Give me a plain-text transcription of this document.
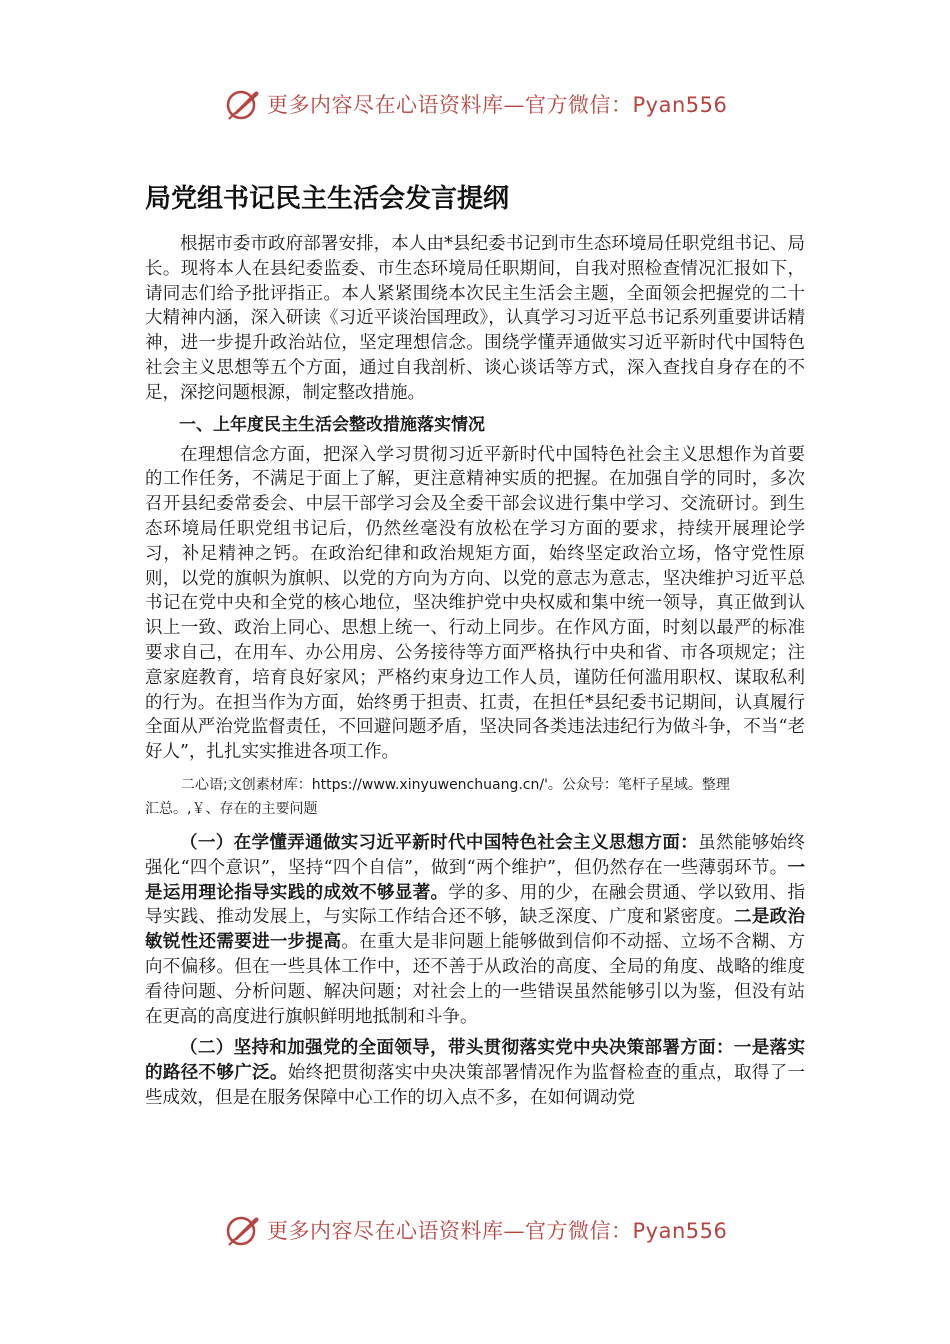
更多内容尽在心语资料库—官方微信：Pyan556
局党组书记民主生活会发言提纲

根据市委市政府部署安排，本人由*县纪委书记到市生态环境局任职党组书记、局长。现将本人在县纪委监委、市生态环境局任职期间，自我对照检查情况汇报如下，请同志们给予批评指正。本人紧紧围绕本次民主生活会主题，全面领会把握党的二十大精神内涵，深入研读《习近平谈治国理政》，认真学习习近平总书记系列重要讲话精神，进一步提升政治站位，坚定理想信念。围绕学懂弄通做实习近平新时代中国特色社会主义思想等五个方面，通过自我剖析、谈心谈话等方式，深入查找自身存在的不足，深挖问题根源，制定整改措施。

一、上年度民主生活会整改措施落实情况

在理想信念方面，把深入学习贯彻习近平新时代中国特色社会主义思想作为首要的工作任务，不满足于面上了解，更注意精神实质的把握。在加强自学的同时，多次召开县纪委常委会、中层干部学习会及全委干部会议进行集中学习、交流研讨。到生态环境局任职党组书记后，仍然丝毫没有放松在学习方面的要求，持续开展理论学习，补足精神之钙。在政治纪律和政治规矩方面，始终坚定政治立场，恪守党性原则，以党的旗帜为旗帜、以党的方向为方向、以党的意志为意志，坚决维护习近平总书记在党中央和全党的核心地位，坚决维护党中央权威和集中统一领导，真正做到认识上一致、政治上同心、思想上统一、行动上同步。在作风方面，时刻以最严的标准要求自己，在用车、办公用房、公务接待等方面严格执行中央和省、市各项规定；注意家庭教育，培育良好家风；严格约束身边工作人员，谨防任何滥用职权、谋取私利的行为。在担当作为方面，始终勇于担责、扛责，在担任*县纪委书记期间，认真履行全面从严治党监督责任，不回避问题矛盾，坚决同各类违法违纪行为做斗争，不当“老好人”，扎扎实实推进各项工作。

二心语;文创素材库：https://www.xinyuwenchuang.cn/'。公众号：笔杆子星域。整理
汇总。,￥、存在的主要问题

（一）在学懂弄通做实习近平新时代中国特色社会主义思想方面：虽然能够始终强化“四个意识”，坚持“四个自信”，做到“两个维护”，但仍然存在一些薄弱环节。一是运用理论指导实践的成效不够显著。学的多、用的少，在融会贯通、学以致用、指导实践、推动发展上，与实际工作结合还不够，缺乏深度、广度和紧密度。二是政治敏锐性还需要进一步提高。在重大是非问题上能够做到信仰不动摇、立场不含糊、方向不偏移。但在一些具体工作中，还不善于从政治的高度、全局的角度、战略的维度看待问题、分析问题、解决问题；对社会上的一些错误虽然能够引以为鉴，但没有站在更高的高度进行旗帜鲜明地抵制和斗争。

（二）坚持和加强党的全面领导，带头贯彻落实党中央决策部署方面：一是落实的路径不够广泛。始终把贯彻落实中央决策部署情况作为监督检查的重点，取得了一些成效，但是在服务保障中心工作的切入点不多，在如何调动党

更多内容尽在心语资料库—官方微信：Pyan556
